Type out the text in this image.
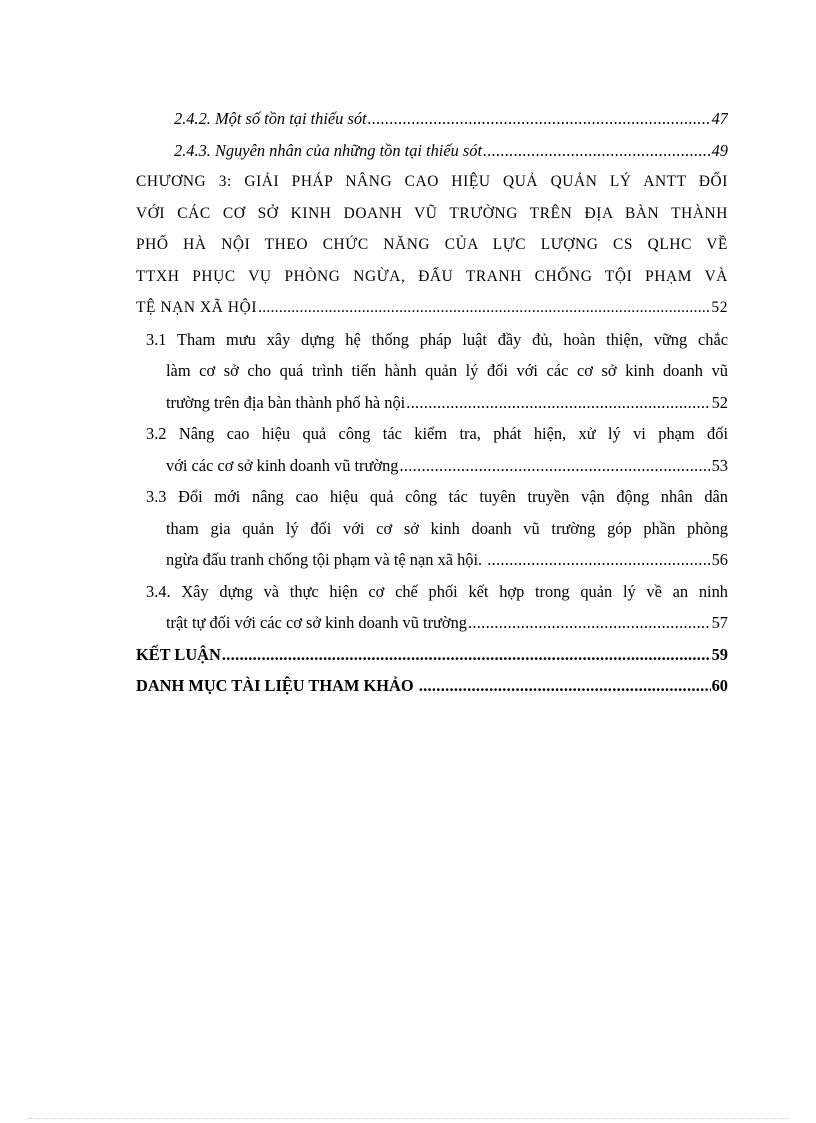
2.4.2. Một số tồn tại thiếu sót .....	47
2.4.3. Nguyên nhân của những tồn tại thiếu sót .....	49
CHƯƠNG 3: GIẢI PHÁP NÂNG CAO HIỆU QUẢ QUẢN LÝ ANTT ĐỐI
VỚI CÁC CƠ SỞ KINH DOANH VŨ TRƯỜNG TRÊN ĐỊA BÀN THÀNH
PHỐ HÀ NỘI THEO CHỨC NĂNG CỦA LỰC LƯỢNG CS QLHC VỀ
TTXH PHỤC VỤ PHÒNG NGỪA, ĐẤU TRANH CHỐNG TỘI PHẠM VÀ
TỆ NẠN XÃ HỘI .....	52
3.1 Tham mưu xây dựng hệ thống pháp luật đầy đủ, hoàn thiện, vững chắc
làm cơ sở cho quá trình tiến hành quản lý đối với các cơ sở kinh doanh vũ
trường trên địa bàn thành phố hà nội .....	52
3.2 Nâng cao hiệu quả công tác kiểm tra, phát hiện, xử lý vi phạm đối
với các cơ sở kinh doanh vũ trường .....	53
3.3 Đổi mới nâng cao hiệu quả công tác tuyên truyền vận động nhân dân
tham gia quản lý đối với cơ sở kinh doanh vũ trường góp phần phòng
ngừa đấu tranh chống tội phạm và tệ nạn xã hội. .....	56
3.4. Xây dựng và thực hiện cơ chế phối kết hợp trong quản lý về an ninh
trật tự đối với các cơ sở kinh doanh vũ trường .....	57
KẾT LUẬN .....	59
DANH MỤC TÀI LIỆU THAM KHẢO .....	60
